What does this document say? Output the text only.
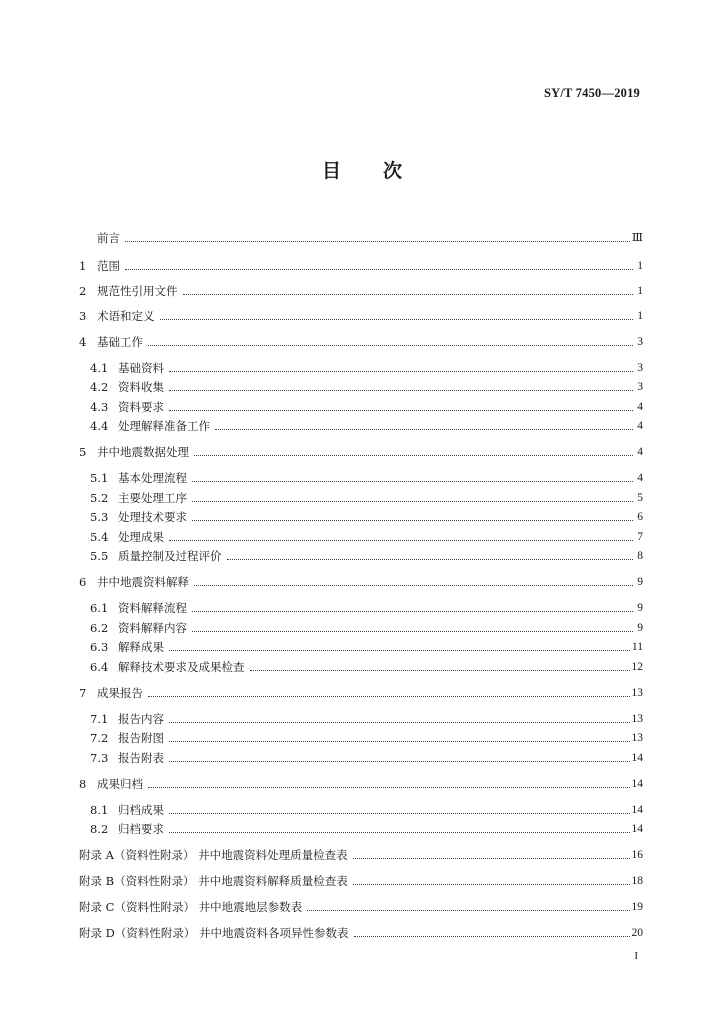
SY/T 7450—2019
目次
前言	Ⅲ
1 范围	1
2 规范性引用文件	1
3 术语和定义	1
4 基础工作	3
4.1 基础资料	3
4.2 资料收集	3
4.3 资料要求	4
4.4 处理解释准备工作	4
5 井中地震数据处理	4
5.1 基本处理流程	4
5.2 主要处理工序	5
5.3 处理技术要求	6
5.4 处理成果	7
5.5 质量控制及过程评价	8
6 井中地震资料解释	9
6.1 资料解释流程	9
6.2 资料解释内容	9
6.3 解释成果	11
6.4 解释技术要求及成果检查	12
7 成果报告	13
7.1 报告内容	13
7.2 报告附图	13
7.3 报告附表	14
8 成果归档	14
8.1 归档成果	14
8.2 归档要求	14
附录 A（资料性附录） 井中地震资料处理质量检查表	16
附录 B（资料性附录） 井中地震资料解释质量检查表	18
附录 C（资料性附录） 井中地震地层参数表	19
附录 D（资料性附录） 井中地震资料各项异性参数表	20
I
